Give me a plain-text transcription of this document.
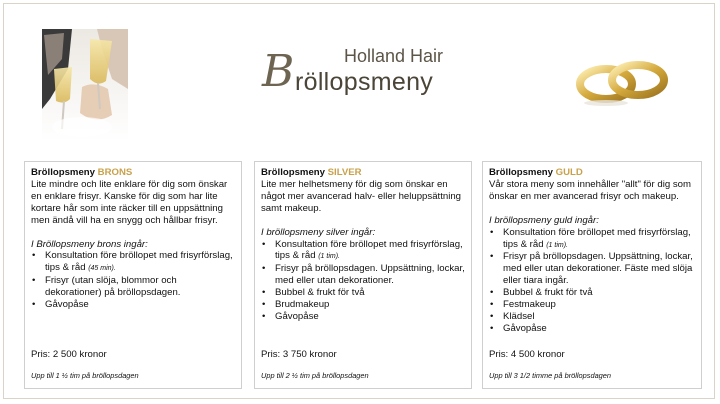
B	Holland Hair
röllopsmeny

Bröllopsmeny BRONS

Lite mindre och lite enklare för dig som önskar en enklare frisyr. Kanske för dig som har lite kortare hår som inte räcker till en uppsättning men ändå vill ha en snygg och hållbar frisyr.

I Bröllopsmeny brons ingår:

• Konsultation före bröllopet med frisyrförslag, tips & råd (45 min).
• Frisyr (utan slöja, blommor och dekorationer) på bröllopsdagen.
• Gåvopåse

Pris: 2 500 kronor

Upp till 1 ½ tim på bröllopsdagen

Bröllopsmeny SILVER

Lite mer helhetsmeny för dig som önskar en något mer avancerad halv- eller heluppsättning samt makeup.

I bröllopsmeny silver ingår:

• Konsultation före bröllopet med frisyrförslag, tips & råd (1 tim).
• Frisyr på bröllopsdagen. Uppsättning, lockar, med eller utan dekorationer.
• Bubbel & frukt för två
• Brudmakeup
• Gåvopåse

Pris: 3 750 kronor

Upp till 2 ½ tim på bröllopsdagen

Bröllopsmeny GULD

Vår stora meny som innehåller "allt" för dig som önskar en mer avancerad frisyr och makeup.

I bröllopsmeny guld ingår:

• Konsultation före bröllopet med frisyrförslag, tips & råd (1 tim).
• Frisyr på bröllopsdagen. Uppsättning, lockar, med eller utan dekorationer. Fäste med slöja eller tiara ingår.
• Bubbel & frukt för två
• Festmakeup
• Klädsel
• Gåvopåse

Pris: 4 500 kronor

Upp till 3 1/2 timme på bröllopsdagen
